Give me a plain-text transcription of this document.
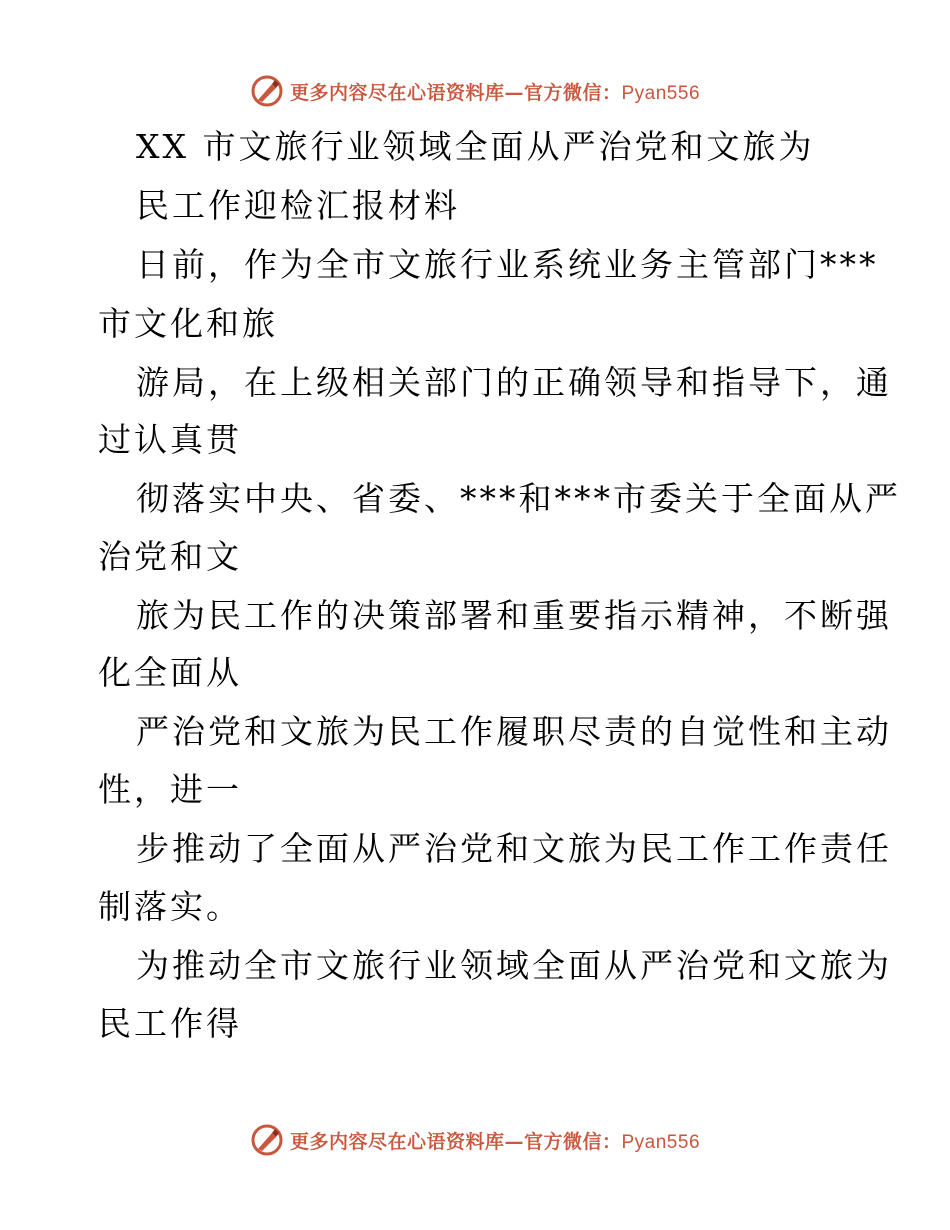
更多内容尽在心语资料库—官方微信：Pyan556
XX 市文旅行业领域全面从严治党和文旅为
民工作迎检汇报材料
日前，作为全市文旅行业系统业务主管部门***
市文化和旅
游局，在上级相关部门的正确领导和指导下，通
过认真贯
彻落实中央、省委、***和***市委关于全面从严
治党和文
旅为民工作的决策部署和重要指示精神，不断强
化全面从
严治党和文旅为民工作履职尽责的自觉性和主动
性，进一
步推动了全面从严治党和文旅为民工作工作责任
制落实。
为推动全市文旅行业领域全面从严治党和文旅为
民工作得
更多内容尽在心语资料库—官方微信：Pyan556
